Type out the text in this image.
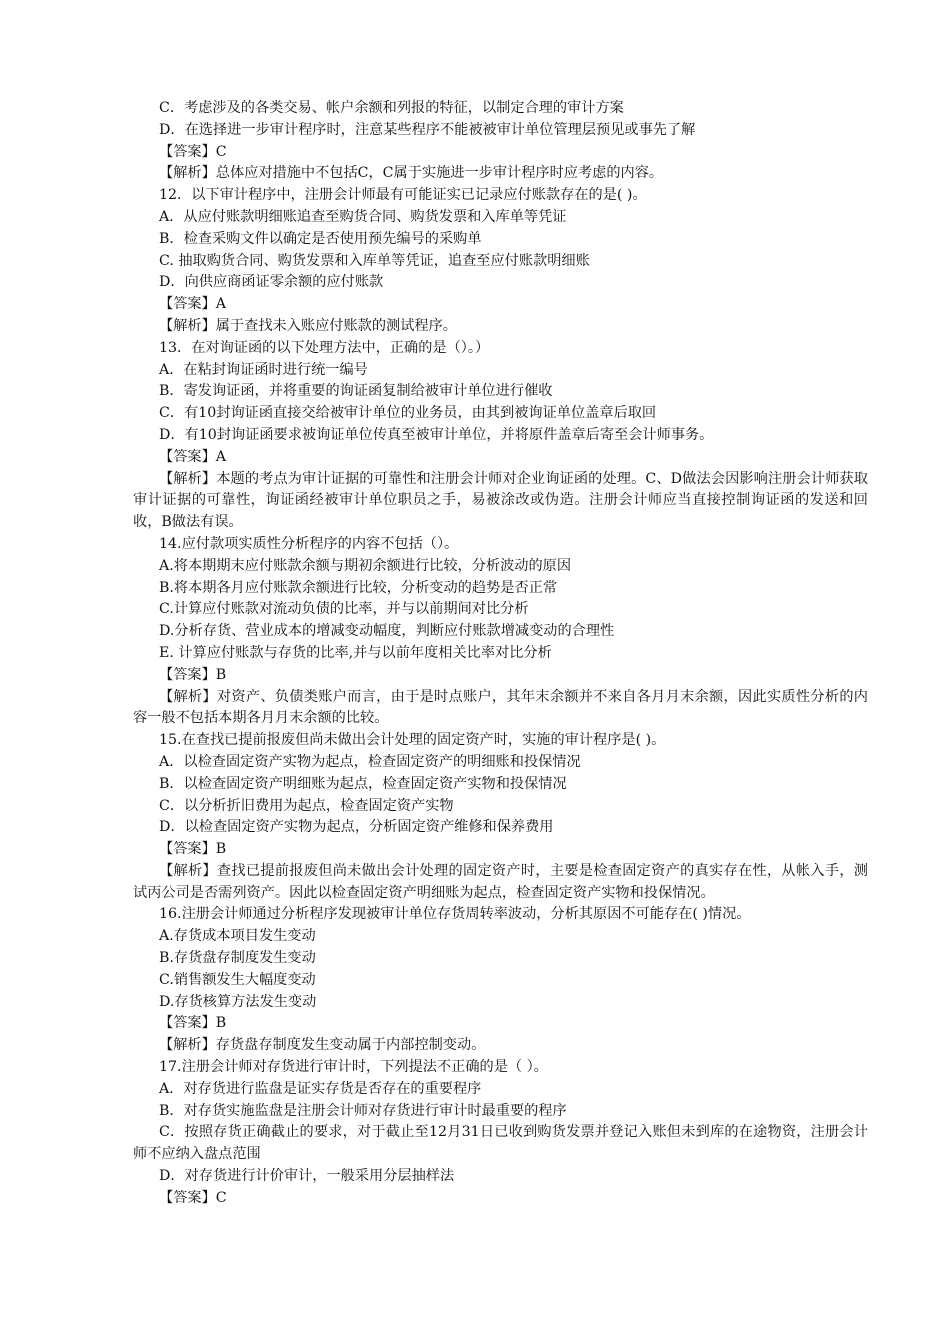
C．考虑涉及的各类交易、帐户余额和列报的特征，以制定合理的审计方案
D．在选择进一步审计程序时，注意某些程序不能被被审计单位管理层预见或事先了解
【答案】C
【解析】总体应对措施中不包括C，C属于实施进一步审计程序时应考虑的内容。
12．以下审计程序中，注册会计师最有可能证实已记录应付账款存在的是( )。
A．从应付账款明细账追查至购货合同、购货发票和入库单等凭证
B．检查采购文件以确定是否使用预先编号的采购单
C. 抽取购货合同、购货发票和入库单等凭证，追查至应付账款明细账
D．向供应商函证零余额的应付账款
【答案】A
【解析】属于查找未入账应付账款的测试程序。
13．在对询证函的以下处理方法中，正确的是（）。）
A．在粘封询证函时进行统一编号
B．寄发询证函，并将重要的询证函复制给被审计单位进行催收
C．有10封询证函直接交给被审计单位的业务员，由其到被询证单位盖章后取回
D．有10封询证函要求被询证单位传真至被审计单位，并将原件盖章后寄至会计师事务。
【答案】A
【解析】本题的考点为审计证据的可靠性和注册会计师对企业询证函的处理。C、D做法会因影响注册会计师获取审计证据的可靠性，询证函经被审计单位职员之手，易被涂改或伪造。注册会计师应当直接控制询证函的发送和回收，B做法有误。
14.应付款项实质性分析程序的内容不包括（）。
A.将本期期末应付账款余额与期初余额进行比较，分析波动的原因
B.将本期各月应付账款余额进行比较，分析变动的趋势是否正常
C.计算应付账款对流动负债的比率，并与以前期间对比分析
D.分析存货、营业成本的增减变动幅度，判断应付账款增减变动的合理性
E. 计算应付账款与存货的比率,并与以前年度相关比率对比分析
【答案】B
【解析】对资产、负债类账户而言，由于是时点账户，其年末余额并不来自各月月末余额，因此实质性分析的内容一般不包括本期各月月末余额的比较。
15.在查找已提前报废但尚未做出会计处理的固定资产时，实施的审计程序是( )。
A．以检查固定资产实物为起点，检查固定资产的明细账和投保情况
B．以检查固定资产明细账为起点，检查固定资产实物和投保情况
C．以分析折旧费用为起点，检查固定资产实物
D．以检查固定资产实物为起点，分析固定资产维修和保养费用
【答案】B
【解析】查找已提前报废但尚未做出会计处理的固定资产时，主要是检查固定资产的真实存在性，从帐入手，测试丙公司是否需列资产。因此以检查固定资产明细账为起点，检查固定资产实物和投保情况。
16.注册会计师通过分析程序发现被审计单位存货周转率波动，分析其原因不可能存在( )情况。
A.存货成本项目发生变动
B.存货盘存制度发生变动
C.销售额发生大幅度变动
D.存货核算方法发生变动
【答案】B
【解析】存货盘存制度发生变动属于内部控制变动。
17.注册会计师对存货进行审计时，下列提法不正确的是（ ）。
A．对存货进行监盘是证实存货是否存在的重要程序
B．对存货实施监盘是注册会计师对存货进行审计时最重要的程序
C．按照存货正确截止的要求，对于截止至12月31日已收到购货发票并登记入账但未到库的在途物资，注册会计师不应纳入盘点范围
D．对存货进行计价审计，一般采用分层抽样法
【答案】C
